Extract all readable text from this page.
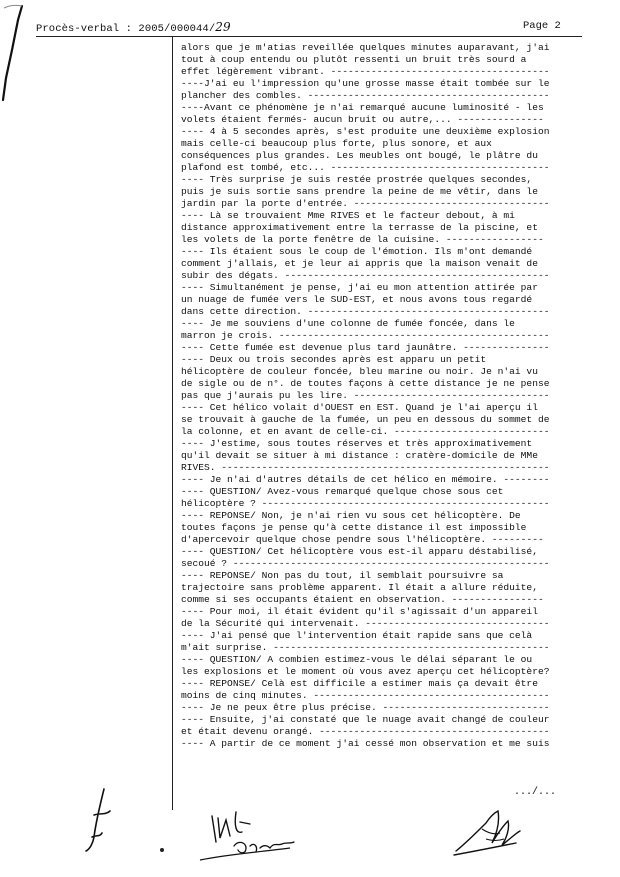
Procès-verbal : 2005/000044/29	Page 2
alors que je m'atias reveillée quelques minutes auparavant, j'ai
tout à coup entendu ou plutôt ressenti un bruit très sourd a
effet légèrement vibrant. --------------------------------------
----J'ai eu l'impression qu'une grosse masse était tombée sur le
plancher des combles. ------------------------------------------
----Avant ce phénomène je n'ai remarqué aucune luminosité - les
volets étaient fermés- aucun bruit ou autre,... ---------------
---- 4 à 5 secondes après, s'est produite une deuxième explosion
mais celle-ci beaucoup plus forte, plus sonore, et aux
conséquences plus grandes. Les meubles ont bougé, le plâtre du
plafond est tombé, etc... --------------------------------------
---- Très surprise je suis restée prostrée quelques secondes,
puis je suis sortie sans prendre la peine de me vêtir, dans le
jardin par la porte d'entrée. ----------------------------------
---- Là se trouvaient Mme RIVES et le facteur debout, à mi
distance approximativement entre la terrasse de la piscine, et
les volets de la porte fenêtre de la cuisine. -----------------
---- Ils étaient sous le coup de l'émotion. Ils m'ont demandé
comment j'allais, et je leur ai appris que la maison venait de
subir des dégats. ----------------------------------------------
---- Simultanément je pense, j'ai eu mon attention attirée par
un nuage de fumée vers le SUD-EST, et nous avons tous regardé
dans cette direction. ------------------------------------------
---- Je me souviens d'une colonne de fumée foncée, dans le
marron je crois. -----------------------------------------------
---- Cette fumée est devenue plus tard jaunâtre. ---------------
---- Deux ou trois secondes après est apparu un petit
hélicoptère de couleur foncée, bleu marine ou noir. Je n'ai vu
de sigle ou de n°. de toutes façons à cette distance je ne pense
pas que j'aurais pu les lire. ----------------------------------
---- Cet hélico volait d'OUEST en EST. Quand je l'ai aperçu il
se trouvait à gauche de la fumée, un peu en dessous du sommet de
la colonne, et en avant de celle-ci. ---------------------------
---- J'estime, sous toutes réserves et très approximativement
qu'il devait se situer à mi distance : cratère-domicile de MMe
RIVES. ---------------------------------------------------------
---- Je n'ai d'autres détails de cet hélico en mémoire. --------
---- QUESTION/ Avez-vous remarqué quelque chose sous cet
hélicoptère ? --------------------------------------------------
---- REPONSE/ Non, je n'ai rien vu sous cet hélicoptère. De
toutes façons je pense qu'à cette distance il est impossible
d'apercevoir quelque chose pendre sous l'hélicoptère. ---------
---- QUESTION/ Cet hélicoptère vous est-il apparu déstabilisé,
secoué ? -------------------------------------------------------
---- REPONSE/ Non pas du tout, il semblait poursuivre sa
trajectoire sans problème apparent. Il était a allure réduite,
comme si ses occupants étaient en observation. ----------------
---- Pour moi, il était évident qu'il s'agissait d'un appareil
de la Sécurité qui intervenait. --------------------------------
---- J'ai pensé que l'intervention était rapide sans que celà
m'ait surprise. ------------------------------------------------
---- QUESTION/ A combien estimez-vous le délai séparant le ou
les explosions et le moment où vous avez aperçu cet hélicoptère?
---- REPONSE/ Celà est difficile a estimer mais ça devait être
moins de cinq minutes. -----------------------------------------
---- Je ne peux être plus précise. -----------------------------
---- Ensuite, j'ai constaté que le nuage avait changé de couleur
et était devenu orangé. ----------------------------------------
---- A partir de ce moment j'ai cessé mon observation et me suis
.../...
